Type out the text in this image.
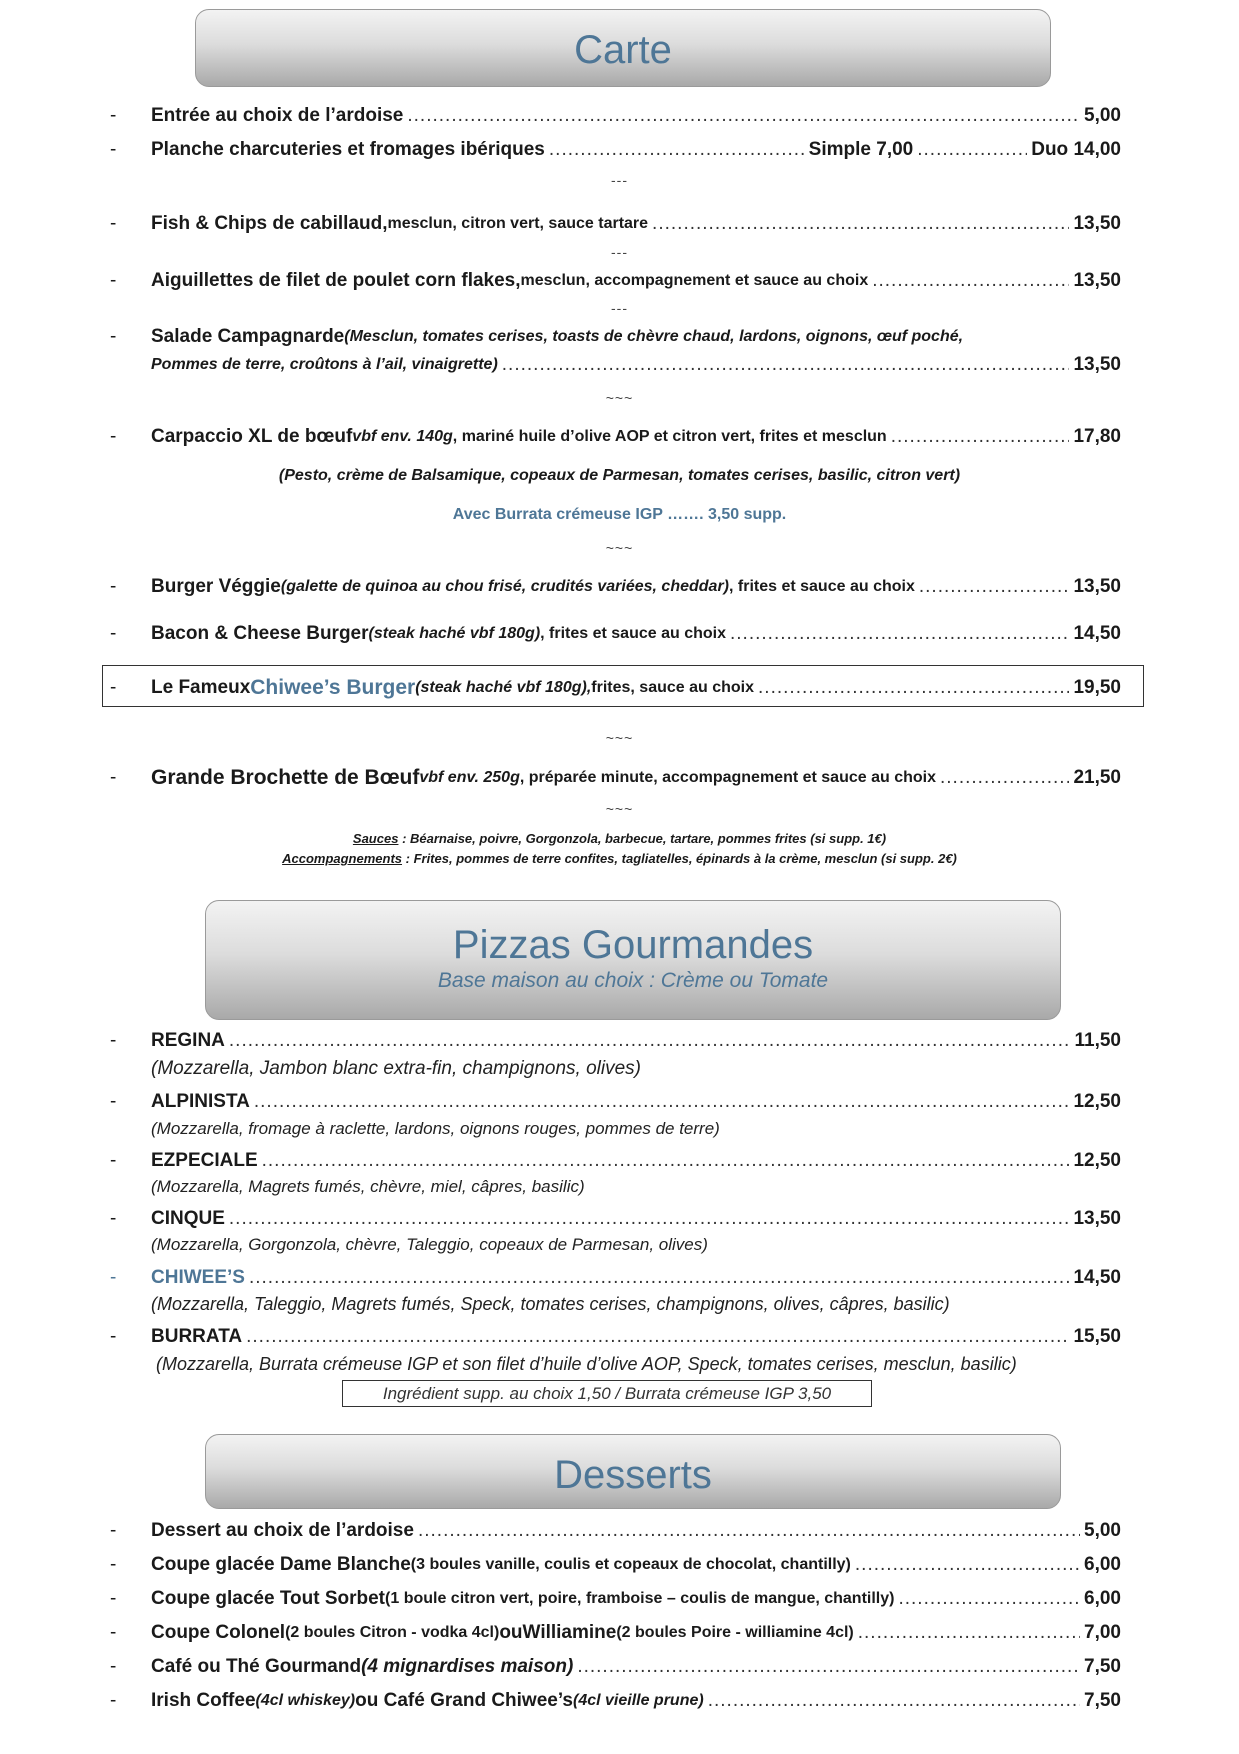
Carte
- Entrée au choix de l’ardoise .....	5,00
- Planche charcuteries et fromages ibériques .....	Simple 7,00 .....	Duo 14,00
---
- Fish & Chips de cabillaud, mesclun, citron vert, sauce tartare .....	13,50
---
- Aiguillettes de filet de poulet corn flakes, mesclun, accompagnement et sauce au choix .....	13,50
---
- Salade Campagnarde (Mesclun, tomates cerises, toasts de chèvre chaud, lardons, oignons, œuf poché,
Pommes de terre, croûtons à l’ail, vinaigrette) .....	13,50
~~~
- Carpaccio XL de bœuf vbf env. 140g , mariné huile d’olive AOP et citron vert, frites et mesclun .....	17,80
(Pesto, crème de Balsamique, copeaux de Parmesan, tomates cerises, basilic, citron vert)
Avec Burrata crémeuse IGP ……. 3,50 supp.
~~~
- Burger Véggie (galette de quinoa au chou frisé, crudités variées, cheddar) , frites et sauce au choix .....	13,50
- Bacon & Cheese Burger (steak haché vbf 180g) , frites et sauce au choix .....	14,50
- Le Fameux Chiwee’s Burger (steak haché vbf 180g), frites, sauce au choix .....	19,50
~~~
- Grande Brochette de Bœuf vbf env. 250g , préparée minute, accompagnement et sauce au choix .....	21,50
~~~
Sauces : Béarnaise, poivre, Gorgonzola, barbecue, tartare, pommes frites (si supp. 1€)
Accompagnements : Frites, pommes de terre confites, tagliatelles, épinards à la crème, mesclun (si supp. 2€)
Pizzas Gourmandes
Base maison au choix : Crème ou Tomate
- REGINA .....	11,50
(Mozzarella, Jambon blanc extra-fin, champignons, olives)
- ALPINISTA .....	12,50
(Mozzarella, fromage à raclette, lardons, oignons rouges, pommes de terre)
- EZPECIALE .....	12,50
(Mozzarella, Magrets fumés, chèvre, miel, câpres, basilic)
- CINQUE .....	13,50
(Mozzarella, Gorgonzola, chèvre, Taleggio, copeaux de Parmesan, olives)
- CHIWEE’S .....	14,50
(Mozzarella, Taleggio, Magrets fumés, Speck, tomates cerises, champignons, olives, câpres, basilic)
- BURRATA .....	15,50
(Mozzarella, Burrata crémeuse IGP et son filet d’huile d’olive AOP, Speck, tomates cerises, mesclun, basilic)
Ingrédient supp. au choix 1,50 / Burrata crémeuse IGP 3,50
Desserts
- Dessert au choix de l’ardoise .....	5,00
- Coupe glacée Dame Blanche (3 boules vanille, coulis et copeaux de chocolat, chantilly) .....	6,00
- Coupe glacée Tout Sorbet (1 boule citron vert, poire, framboise – coulis de mangue, chantilly) .....	6,00
- Coupe Colonel (2 boules Citron - vodka 4cl) ou Williamine (2 boules Poire - williamine 4cl) .....	7,00
- Café ou Thé Gourmand (4 mignardises maison) .....	7,50
- Irish Coffee (4cl whiskey) ou Café Grand Chiwee’s (4cl vieille prune) .....	7,50
